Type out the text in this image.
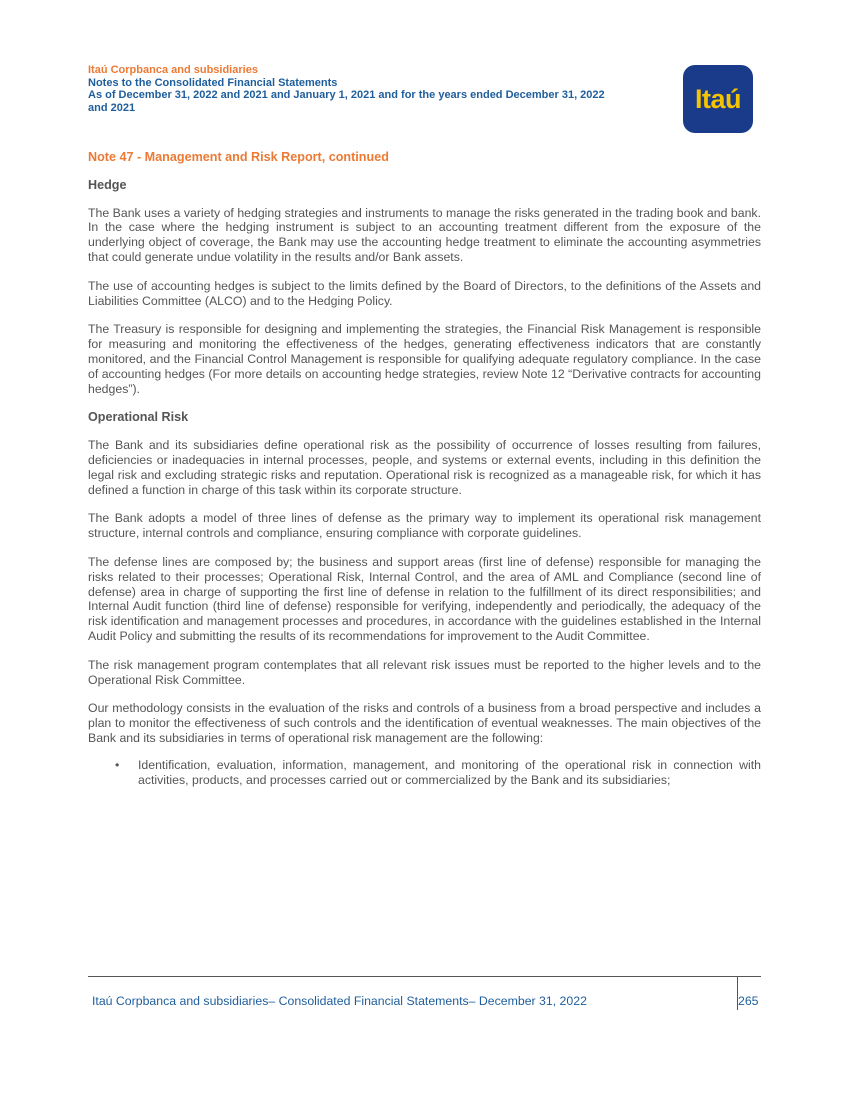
Itaú Corpbanca and subsidiaries
Notes to the Consolidated Financial Statements
As of December 31, 2022 and 2021 and January 1, 2021 and for the years ended December 31, 2022
and 2021	Itaú
Note 47 - Management and Risk Report, continued
Hedge

The Bank uses a variety of hedging strategies and instruments to manage the risks generated in the trading book and bank. In the case where the hedging instrument is subject to an accounting treatment different from the exposure of the underlying object of coverage, the Bank may use the accounting hedge treatment to eliminate the accounting asymmetries that could generate undue volatility in the results and/or Bank assets.

The use of accounting hedges is subject to the limits defined by the Board of Directors, to the definitions of the Assets and Liabilities Committee (ALCO) and to the Hedging Policy.

The Treasury is responsible for designing and implementing the strategies, the Financial Risk Management is responsible for measuring and monitoring the effectiveness of the hedges, generating effectiveness indicators that are constantly monitored, and the Financial Control Management is responsible for qualifying adequate regulatory compliance. In the case of accounting hedges (For more details on accounting hedge strategies, review Note 12 “Derivative contracts for accounting hedges”).

Operational Risk

The Bank and its subsidiaries define operational risk as the possibility of occurrence of losses resulting from failures, deficiencies or inadequacies in internal processes, people, and systems or external events, including in this definition the legal risk and excluding strategic risks and reputation. Operational risk is recognized as a manageable risk, for which it has defined a function in charge of this task within its corporate structure.

The Bank adopts a model of three lines of defense as the primary way to implement its operational risk management structure, internal controls and compliance, ensuring compliance with corporate guidelines.

The defense lines are composed by; the business and support areas (first line of defense) responsible for managing the risks related to their processes; Operational Risk, Internal Control, and the area of AML and Compliance (second line of defense) area in charge of supporting the first line of defense in relation to the fulfillment of its direct responsibilities; and Internal Audit function (third line of defense) responsible for verifying, independently and periodically, the adequacy of the risk identification and management processes and procedures, in accordance with the guidelines established in the Internal Audit Policy and submitting the results of its recommendations for improvement to the Audit Committee.

The risk management program contemplates that all relevant risk issues must be reported to the higher levels and to the Operational Risk Committee.

Our methodology consists in the evaluation of the risks and controls of a business from a broad perspective and includes a plan to monitor the effectiveness of such controls and the identification of eventual weaknesses. The main objectives of the Bank and its subsidiaries in terms of operational risk management are the following:

• Identification, evaluation, information, management, and monitoring of the operational risk in connection with activities, products, and processes carried out or commercialized by the Bank and its subsidiaries;
Itaú Corpbanca and subsidiaries– Consolidated Financial Statements– December 31, 2022	265
